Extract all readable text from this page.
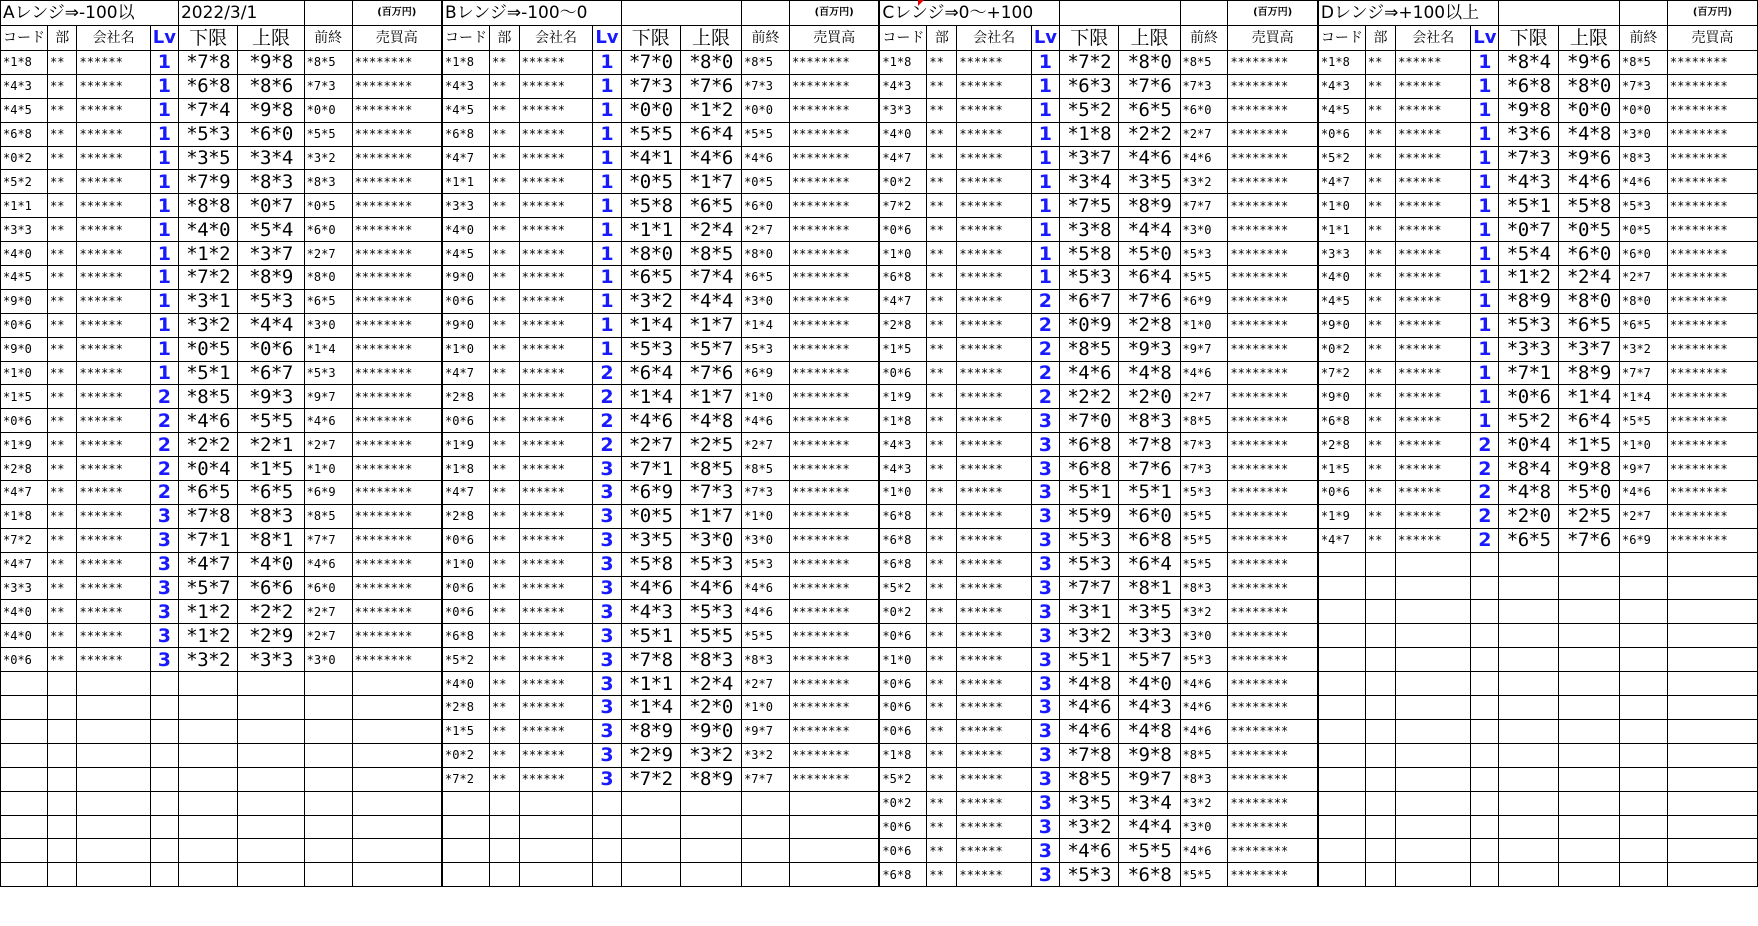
Aレンジ⇒-100以				2022/3/1			(百万円)	Bレンジ⇒-100～0							(百万円)	Cレンジ⇒0～+100							(百万円)	Dレンジ⇒+100以上							(百万円)
コード	部	会社名	Lv	下限	上限	前終	売買高	コード	部	会社名	Lv	下限	上限	前終	売買高	コード	部	会社名	Lv	下限	上限	前終	売買高	コード	部	会社名	Lv	下限	上限	前終	売買高
*1*8	**	******	1	*7*8	*9*8	*8*5	********	*1*8	**	******	1	*7*0	*8*0	*8*5	********	*1*8	**	******	1	*7*2	*8*0	*8*5	********	*1*8	**	******	1	*8*4	*9*6	*8*5	********
*4*3	**	******	1	*6*8	*8*6	*7*3	********	*4*3	**	******	1	*7*3	*7*6	*7*3	********	*4*3	**	******	1	*6*3	*7*6	*7*3	********	*4*3	**	******	1	*6*8	*8*0	*7*3	********
*4*5	**	******	1	*7*4	*9*8	*0*0	********	*4*5	**	******	1	*0*0	*1*2	*0*0	********	*3*3	**	******	1	*5*2	*6*5	*6*0	********	*4*5	**	******	1	*9*8	*0*0	*0*0	********
*6*8	**	******	1	*5*3	*6*0	*5*5	********	*6*8	**	******	1	*5*5	*6*4	*5*5	********	*4*0	**	******	1	*1*8	*2*2	*2*7	********	*0*6	**	******	1	*3*6	*4*8	*3*0	********
*0*2	**	******	1	*3*5	*3*4	*3*2	********	*4*7	**	******	1	*4*1	*4*6	*4*6	********	*4*7	**	******	1	*3*7	*4*6	*4*6	********	*5*2	**	******	1	*7*3	*9*6	*8*3	********
*5*2	**	******	1	*7*9	*8*3	*8*3	********	*1*1	**	******	1	*0*5	*1*7	*0*5	********	*0*2	**	******	1	*3*4	*3*5	*3*2	********	*4*7	**	******	1	*4*3	*4*6	*4*6	********
*1*1	**	******	1	*8*8	*0*7	*0*5	********	*3*3	**	******	1	*5*8	*6*5	*6*0	********	*7*2	**	******	1	*7*5	*8*9	*7*7	********	*1*0	**	******	1	*5*1	*5*8	*5*3	********
*3*3	**	******	1	*4*0	*5*4	*6*0	********	*4*0	**	******	1	*1*1	*2*4	*2*7	********	*0*6	**	******	1	*3*8	*4*4	*3*0	********	*1*1	**	******	1	*0*7	*0*5	*0*5	********
*4*0	**	******	1	*1*2	*3*7	*2*7	********	*4*5	**	******	1	*8*0	*8*5	*8*0	********	*1*0	**	******	1	*5*8	*5*0	*5*3	********	*3*3	**	******	1	*5*4	*6*0	*6*0	********
*4*5	**	******	1	*7*2	*8*9	*8*0	********	*9*0	**	******	1	*6*5	*7*4	*6*5	********	*6*8	**	******	1	*5*3	*6*4	*5*5	********	*4*0	**	******	1	*1*2	*2*4	*2*7	********
*9*0	**	******	1	*3*1	*5*3	*6*5	********	*0*6	**	******	1	*3*2	*4*4	*3*0	********	*4*7	**	******	2	*6*7	*7*6	*6*9	********	*4*5	**	******	1	*8*9	*8*0	*8*0	********
*0*6	**	******	1	*3*2	*4*4	*3*0	********	*9*0	**	******	1	*1*4	*1*7	*1*4	********	*2*8	**	******	2	*0*9	*2*8	*1*0	********	*9*0	**	******	1	*5*3	*6*5	*6*5	********
*9*0	**	******	1	*0*5	*0*6	*1*4	********	*1*0	**	******	1	*5*3	*5*7	*5*3	********	*1*5	**	******	2	*8*5	*9*3	*9*7	********	*0*2	**	******	1	*3*3	*3*7	*3*2	********
*1*0	**	******	1	*5*1	*6*7	*5*3	********	*4*7	**	******	2	*6*4	*7*6	*6*9	********	*0*6	**	******	2	*4*6	*4*8	*4*6	********	*7*2	**	******	1	*7*1	*8*9	*7*7	********
*1*5	**	******	2	*8*5	*9*3	*9*7	********	*2*8	**	******	2	*1*4	*1*7	*1*0	********	*1*9	**	******	2	*2*2	*2*0	*2*7	********	*9*0	**	******	1	*0*6	*1*4	*1*4	********
*0*6	**	******	2	*4*6	*5*5	*4*6	********	*0*6	**	******	2	*4*6	*4*8	*4*6	********	*1*8	**	******	3	*7*0	*8*3	*8*5	********	*6*8	**	******	1	*5*2	*6*4	*5*5	********
*1*9	**	******	2	*2*2	*2*1	*2*7	********	*1*9	**	******	2	*2*7	*2*5	*2*7	********	*4*3	**	******	3	*6*8	*7*8	*7*3	********	*2*8	**	******	2	*0*4	*1*5	*1*0	********
*2*8	**	******	2	*0*4	*1*5	*1*0	********	*1*8	**	******	3	*7*1	*8*5	*8*5	********	*4*3	**	******	3	*6*8	*7*6	*7*3	********	*1*5	**	******	2	*8*4	*9*8	*9*7	********
*4*7	**	******	2	*6*5	*6*5	*6*9	********	*4*7	**	******	3	*6*9	*7*3	*7*3	********	*1*0	**	******	3	*5*1	*5*1	*5*3	********	*0*6	**	******	2	*4*8	*5*0	*4*6	********
*1*8	**	******	3	*7*8	*8*3	*8*5	********	*2*8	**	******	3	*0*5	*1*7	*1*0	********	*6*8	**	******	3	*5*9	*6*0	*5*5	********	*1*9	**	******	2	*2*0	*2*5	*2*7	********
*7*2	**	******	3	*7*1	*8*1	*7*7	********	*0*6	**	******	3	*3*5	*3*0	*3*0	********	*6*8	**	******	3	*5*3	*6*8	*5*5	********	*4*7	**	******	2	*6*5	*7*6	*6*9	********
*4*7	**	******	3	*4*7	*4*0	*4*6	********	*1*0	**	******	3	*5*8	*5*3	*5*3	********	*6*8	**	******	3	*5*3	*6*4	*5*5	********								
*3*3	**	******	3	*5*7	*6*6	*6*0	********	*0*6	**	******	3	*4*6	*4*6	*4*6	********	*5*2	**	******	3	*7*7	*8*1	*8*3	********								
*4*0	**	******	3	*1*2	*2*2	*2*7	********	*0*6	**	******	3	*4*3	*5*3	*4*6	********	*0*2	**	******	3	*3*1	*3*5	*3*2	********								
*4*0	**	******	3	*1*2	*2*9	*2*7	********	*6*8	**	******	3	*5*1	*5*5	*5*5	********	*0*6	**	******	3	*3*2	*3*3	*3*0	********								
*0*6	**	******	3	*3*2	*3*3	*3*0	********	*5*2	**	******	3	*7*8	*8*3	*8*3	********	*1*0	**	******	3	*5*1	*5*7	*5*3	********								
								*4*0	**	******	3	*1*1	*2*4	*2*7	********	*0*6	**	******	3	*4*8	*4*0	*4*6	********								
								*2*8	**	******	3	*1*4	*2*0	*1*0	********	*0*6	**	******	3	*4*6	*4*3	*4*6	********								
								*1*5	**	******	3	*8*9	*9*0	*9*7	********	*0*6	**	******	3	*4*6	*4*8	*4*6	********								
								*0*2	**	******	3	*2*9	*3*2	*3*2	********	*1*8	**	******	3	*7*8	*9*8	*8*5	********								
								*7*2	**	******	3	*7*2	*8*9	*7*7	********	*5*2	**	******	3	*8*5	*9*7	*8*3	********								
																*0*2	**	******	3	*3*5	*3*4	*3*2	********								
																*0*6	**	******	3	*3*2	*4*4	*3*0	********								
																*0*6	**	******	3	*4*6	*5*5	*4*6	********								
																*6*8	**	******	3	*5*3	*6*8	*5*5	********								
